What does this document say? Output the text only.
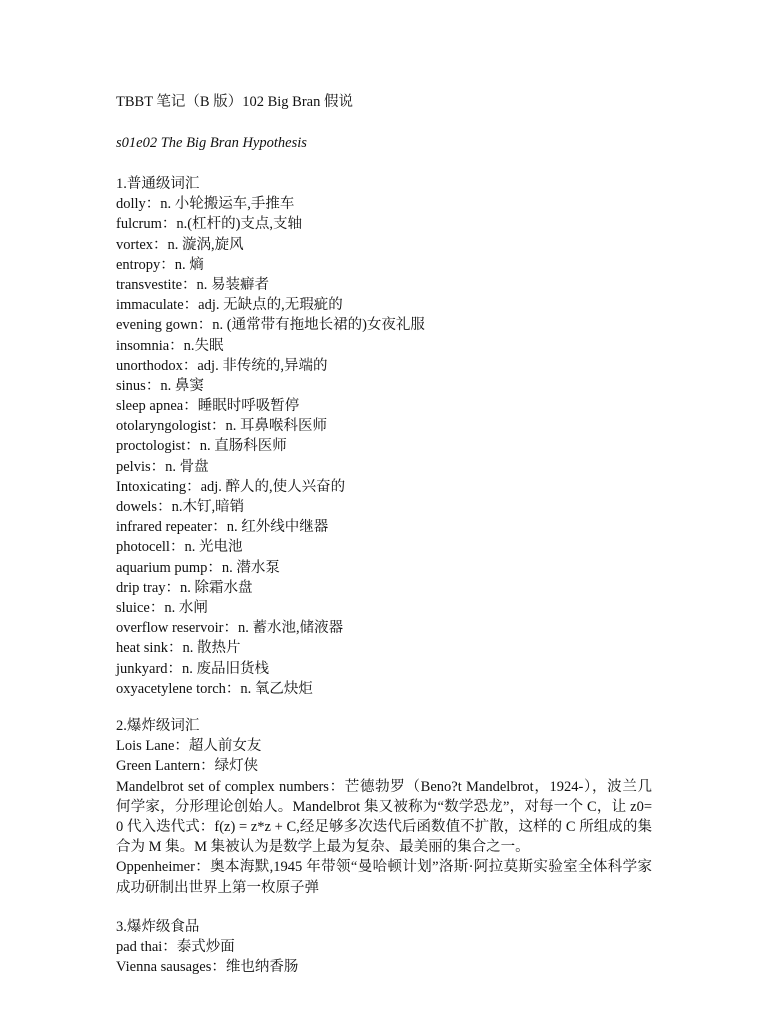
TBBT 笔记（B 版）102 Big Bran 假说
s01e02 The Big Bran Hypothesis

1.普通级词汇

dolly：n. 小轮搬运车,手推车

fulcrum：n.(杠杆的)支点,支轴

vortex：n. 漩涡,旋风

entropy：n. 熵

transvestite：n. 易装癖者

immaculate：adj. 无缺点的,无瑕疵的

evening gown：n. (通常带有拖地长裙的)女夜礼服

insomnia：n.失眠

unorthodox：adj. 非传统的,异端的

sinus：n. 鼻窦

sleep apnea：睡眠时呼吸暂停

otolaryngologist：n. 耳鼻喉科医师

proctologist：n. 直肠科医师

pelvis：n. 骨盘

Intoxicating：adj. 醉人的,使人兴奋的

dowels：n.木钉,暗销

infrared repeater：n. 红外线中继器

photocell：n. 光电池

aquarium pump：n. 潜水泵

drip tray：n. 除霜水盘

sluice：n. 水闸

overflow reservoir：n. 蓄水池,储液器

heat sink：n. 散热片

junkyard：n. 废品旧货栈

oxyacetylene torch：n. 氧乙炔炬

2.爆炸级词汇

Lois Lane：超人前女友

Green Lantern：绿灯侠

Mandelbrot set of complex numbers：芒德勃罗（Beno?t Mandelbrot，1924-），波兰几何学家，分形理论创始人。Mandelbrot 集又被称为“数学恐龙”，对每一个 C，让 z0=0 代入迭代式：f(z) = z*z + C,经足够多次迭代后函数值不扩散，这样的 C 所组成的集合为 M 集。M 集被认为是数学上最为复杂、最美丽的集合之一。

Oppenheimer：奥本海默,1945 年带领“曼哈顿计划”洛斯·阿拉莫斯实验室全体科学家成功研制出世界上第一枚原子弹

3.爆炸级食品

pad thai：泰式炒面

Vienna sausages：维也纳香肠
